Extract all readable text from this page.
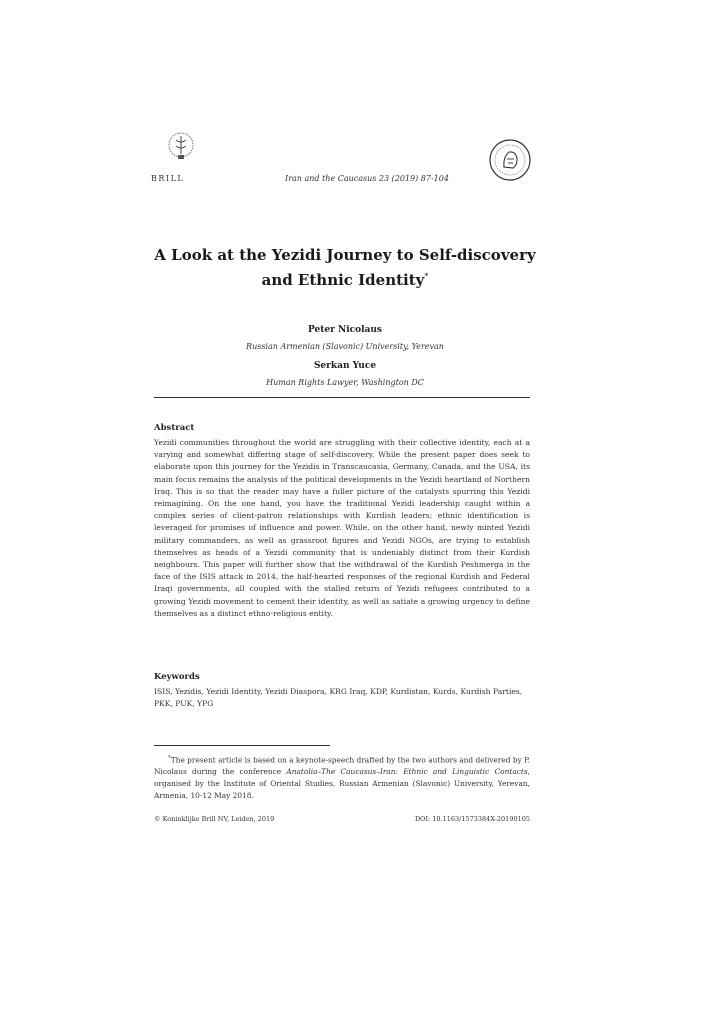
BRILL	Iran and the Caucasus 23 (2019) 87-104
A Look at the Yezidi Journey to Self-discovery and Ethnic Identity*
Peter Nicolaus
Russian Armenian (Slavonic) University, Yerevan
Serkan Yuce
Human Rights Lawyer, Washington DC
Abstract
Yezidi communities throughout the world are struggling with their collective identity, each at a varying and somewhat differing stage of self-discovery. While the present paper does seek to elaborate upon this journey for the Yezidis in Transcaucasia, Germany, Canada, and the USA, its main focus remains the analysis of the political developments in the Yezidi heartland of Northern Iraq. This is so that the reader may have a fuller picture of the catalysts spurring this Yezidi reimagining. On the one hand, you have the traditional Yezidi leadership caught within a complex series of client-patron relationships with Kurdish leaders; ethnic identification is leveraged for promises of influence and power. While, on the other hand, newly minted Yezidi military commanders, as well as grassroot figures and Yezidi NGOs, are trying to establish themselves as heads of a Yezidi community that is undeniably distinct from their Kurdish neighbours. This paper will further show that the withdrawal of the Kurdish Peshmerga in the face of the ISIS attack in 2014, the half-hearted responses of the regional Kurdish and Federal Iraqi governments, all coupled with the stalled return of Yezidi refugees contributed to a growing Yezidi movement to cement their identity, as well as satiate a growing urgency to define themselves as a distinct ethno-religious entity.
Keywords
ISIS, Yezidis, Yezidi Identity, Yezidi Diaspora, KRG Iraq, KDP, Kurdistan, Kurds, Kurdish Parties, PKK, PUK, YPG
*The present article is based on a keynote-speech drafted by the two authors and delivered by P. Nicolaus during the conference Anatolia–The Caucasus–Iran: Ethnic and Linguistic Contacts, organised by the Institute of Oriental Studies, Russian Armenian (Slavonic) University, Yerevan, Armenia, 10-12 May 2018.
© Koninklijke Brill NV, Leiden, 2019	DOI: 10.1163/1573384X-20190105
